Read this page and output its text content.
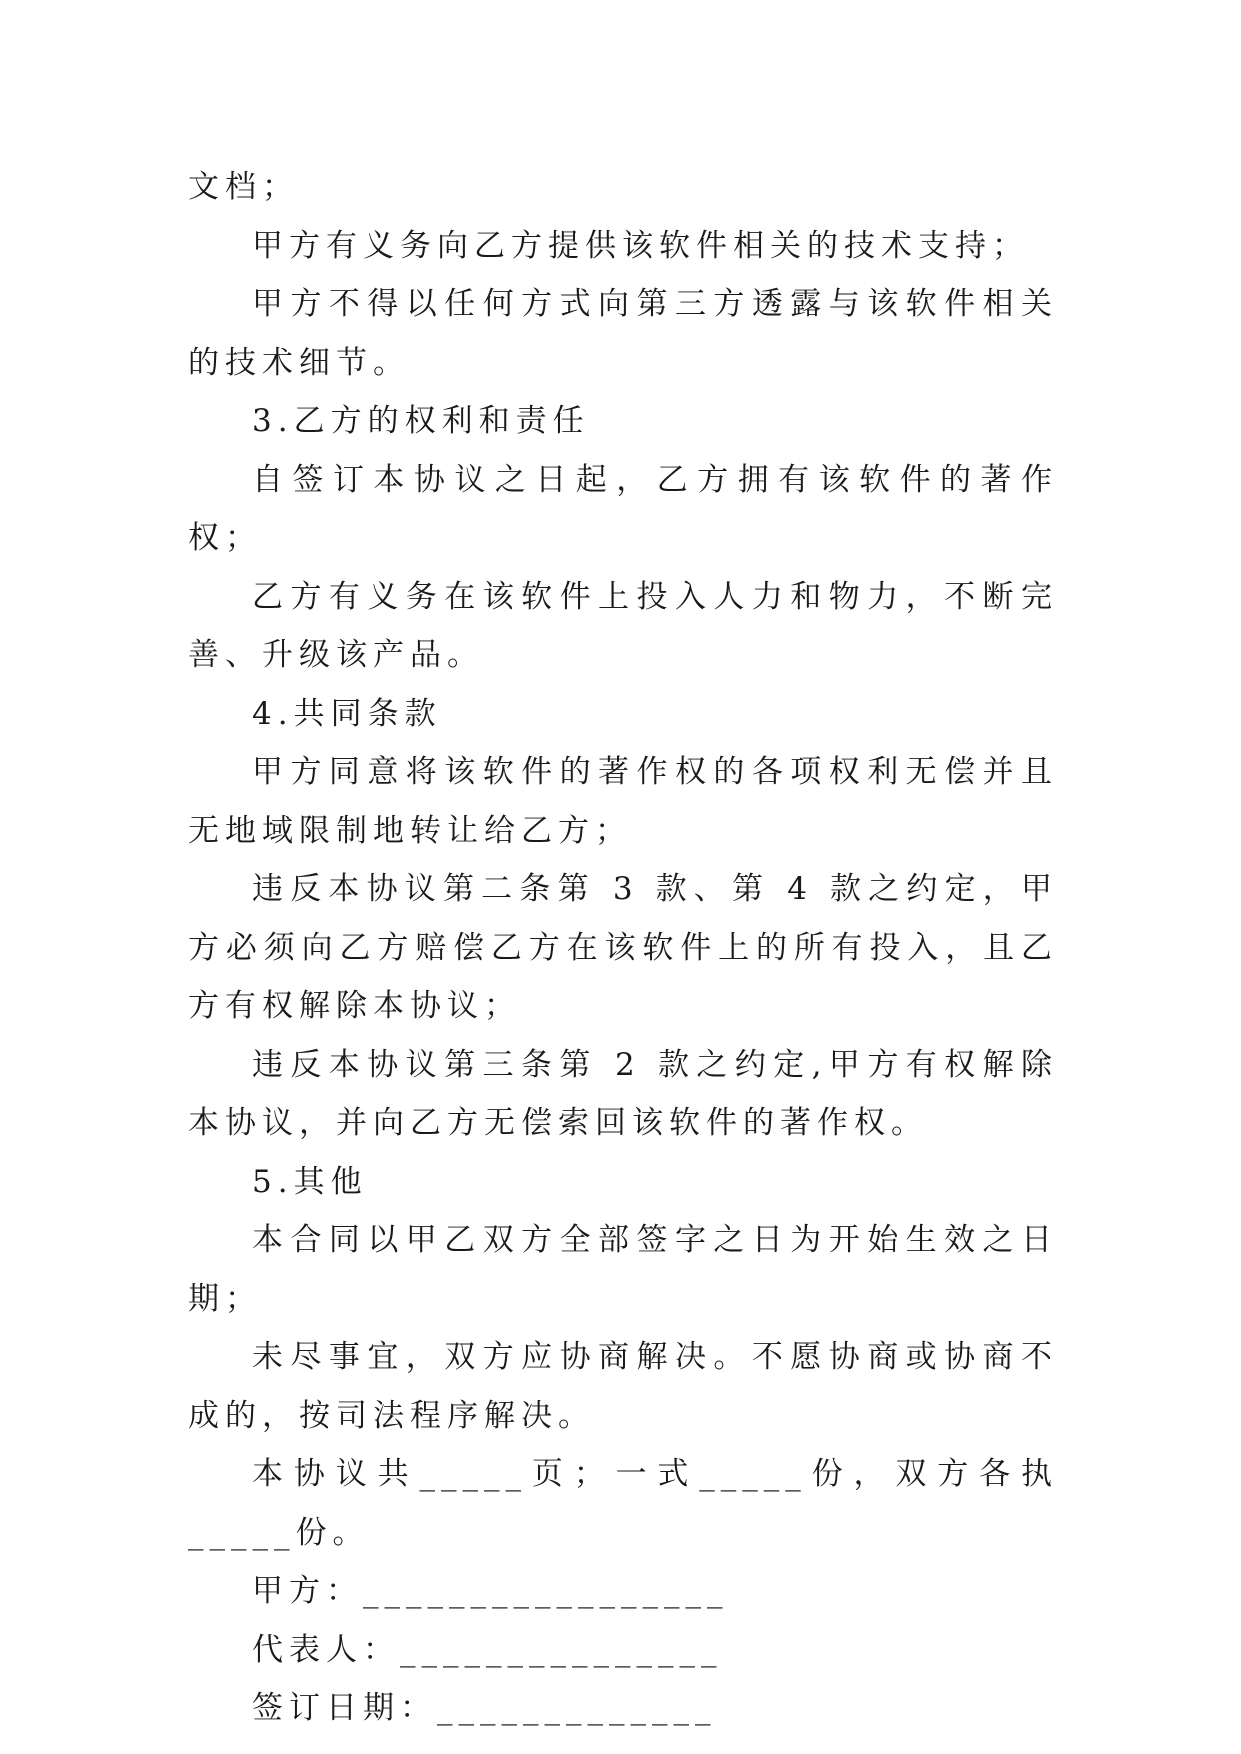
文档；

甲方有义务向乙方提供该软件相关的技术支持；

甲方不得以任何方式向第三方透露与该软件相关的技术细节。

3.乙方的权利和责任

自签订本协议之日起，乙方拥有该软件的著作权；

乙方有义务在该软件上投入人力和物力，不断完善、升级该产品。

4.共同条款

甲方同意将该软件的著作权的各项权利无偿并且无地域限制地转让给乙方；

违反本协议第二条第 3 款、第 4 款之约定，甲方必须向乙方赔偿乙方在该软件上的所有投入，且乙方有权解除本协议；

违反本协议第三条第 2 款之约定,甲方有权解除本协议，并向乙方无偿索回该软件的著作权。

5.其他

本合同以甲乙双方全部签字之日为开始生效之日期；

未尽事宜，双方应协商解决。不愿协商或协商不成的，按司法程序解决。

本协议共_____页；一式_____份，双方各执_____份。

甲方：_________________

代表人：_______________

签订日期：_____________
